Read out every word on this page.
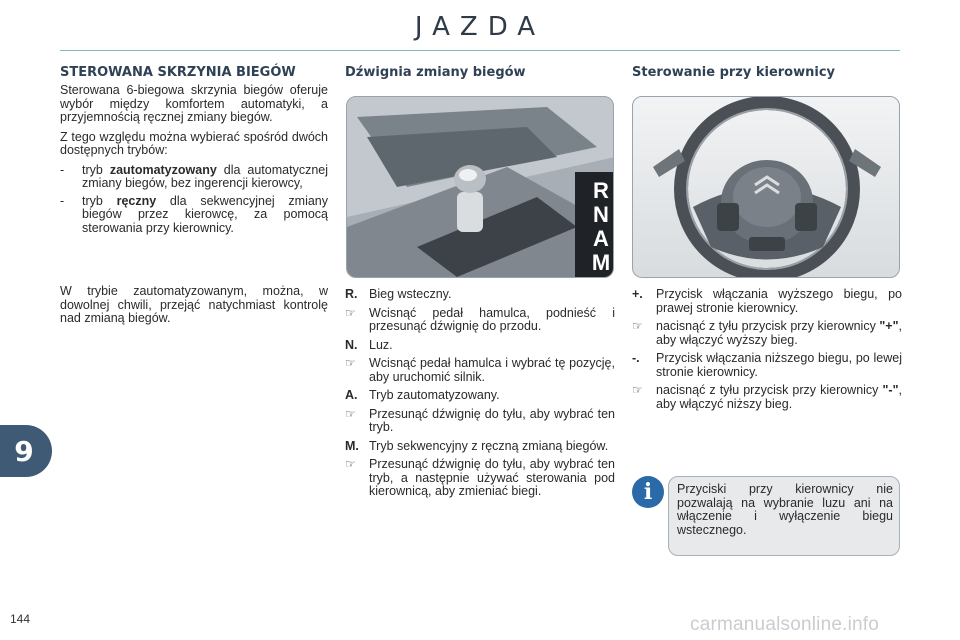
JAZDA
STEROWANA SKRZYNIA BIEGÓW

Sterowana 6-biegowa skrzynia biegów oferuje wybór między komfortem automatyki, a przyjemnością ręcznej zmiany biegów.

Z tego względu można wybierać spośród dwóch dostępnych trybów:

-	tryb zautomatyzowany dla automatycznej zmiany biegów, bez ingerencji kierowcy,
-	tryb ręczny dla sekwencyjnej zmiany biegów przez kierowcę, za pomocą sterowania przy kierownicy.

W trybie zautomatyzowanym, można, w dowolnej chwili, przejąć natychmiast kontrolę nad zmianą biegów.

Dźwignia zmiany biegów
R
N
A
M
R. Bieg wsteczny.
☞	Wcisnąć pedał hamulca, podnieść i przesunąć dźwignię do przodu.
N. Luz.
☞	Wcisnąć pedał hamulca i wybrać tę pozycję, aby uruchomić silnik.
A. Tryb zautomatyzowany.
☞	Przesunąć dźwignię do tyłu, aby wybrać ten tryb.
M. Tryb sekwencyjny z ręczną zmianą biegów.
☞	Przesunąć dźwignię do tyłu, aby wybrać ten tryb, a następnie używać sterowania pod kierownicą, aby zmieniać biegi.
Sterowanie przy kierownicy
+.	Przycisk włączania wyższego biegu, po prawej stronie kierownicy.
☞	nacisnąć z tyłu przycisk przy kierownicy "+", aby włączyć wyższy bieg.
-.	Przycisk włączania niższego biegu, po lewej stronie kierownicy.
☞	nacisnąć z tyłu przycisk przy kierownicy "-", aby włączyć niższy bieg.
i	Przyciski przy kierownicy nie pozwalają na wybranie luzu ani na włączenie i wyłączenie biegu wstecznego.
9
144	carmanualsonline.info
